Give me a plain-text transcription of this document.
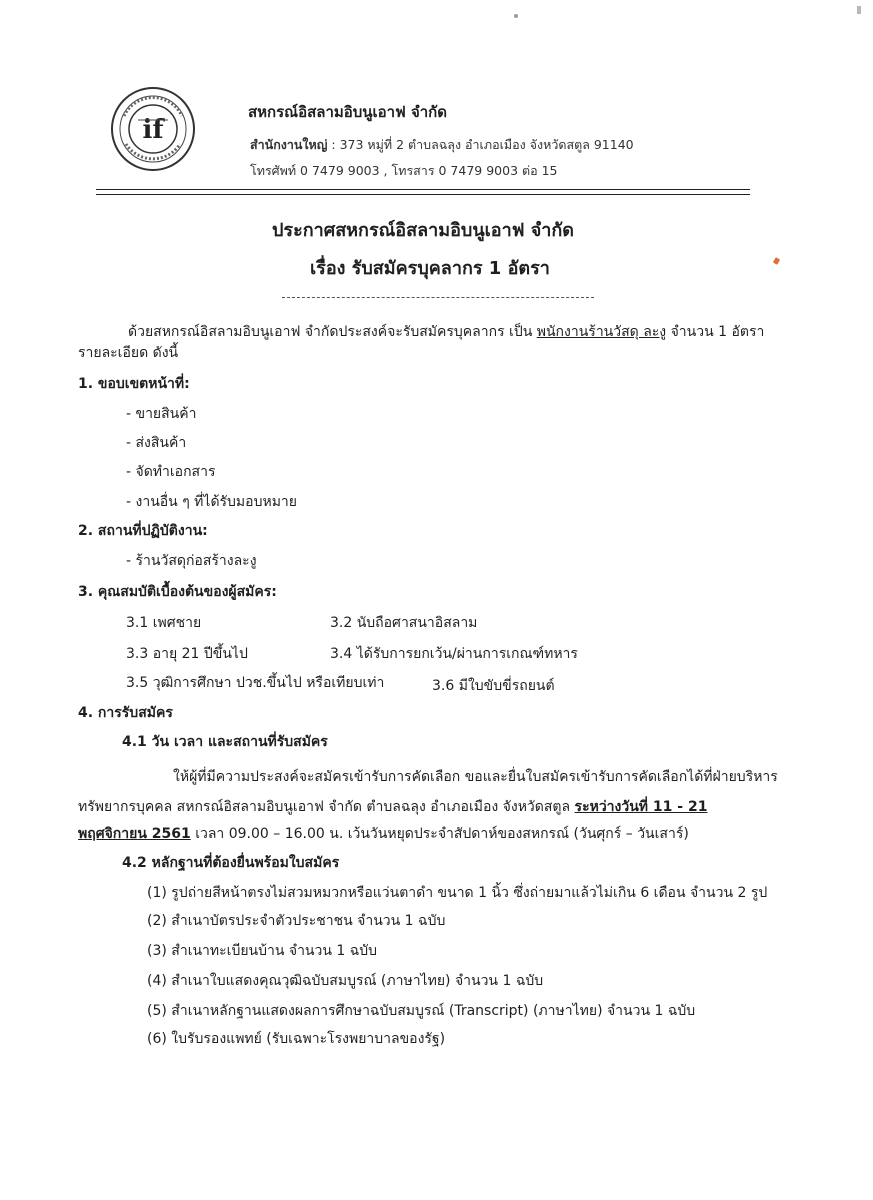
if
สหกรณ์อิสลามอิบนูเอาฟ จำกัด
สำนักงานใหญ่ : 373 หมู่ที่ 2 ตำบลฉลุง อำเภอเมือง จังหวัดสตูล 91140
โทรศัพท์ 0 7479 9003 , โทรสาร 0 7479 9003 ต่อ 15
ประกาศสหกรณ์อิสลามอิบนูเอาฟ จำกัด
เรื่อง รับสมัครบุคลากร 1 อัตรา
ด้วยสหกรณ์อิสลามอิบนูเอาฟ จำกัดประสงค์จะรับสมัครบุคลากร เป็น พนักงานร้านวัสดุ ละงู จำนวน 1 อัตรา
รายละเอียด ดังนี้
1. ขอบเขตหน้าที่:
- ขายสินค้า
- ส่งสินค้า
- จัดทำเอกสาร
- งานอื่น ๆ ที่ได้รับมอบหมาย
2. สถานที่ปฏิบัติงาน:
- ร้านวัสดุก่อสร้างละงู
3. คุณสมบัติเบื้องต้นของผู้สมัคร:
3.1 เพศชาย	3.2 นับถือศาสนาอิสลาม
3.3 อายุ 21 ปีขึ้นไป	3.4 ได้รับการยกเว้น/ผ่านการเกณฑ์ทหาร
3.5 วุฒิการศึกษา ปวช.ขึ้นไป หรือเทียบเท่า	3.6 มีใบขับขี่รถยนต์
4. การรับสมัคร
4.1 วัน เวลา และสถานที่รับสมัคร
ให้ผู้ที่มีความประสงค์จะสมัครเข้ารับการคัดเลือก ขอและยื่นใบสมัครเข้ารับการคัดเลือกได้ที่ฝ่ายบริหาร
ทรัพยากรบุคคล สหกรณ์อิสลามอิบนูเอาฟ จำกัด ตำบลฉลุง อำเภอเมือง จังหวัดสตูล ระหว่างวันที่ 11 - 21
พฤศจิกายน 2561 เวลา 09.00 – 16.00 น. เว้นวันหยุดประจำสัปดาห์ของสหกรณ์ (วันศุกร์ – วันเสาร์)
4.2 หลักฐานที่ต้องยื่นพร้อมใบสมัคร
(1) รูปถ่ายสีหน้าตรงไม่สวมหมวกหรือแว่นตาดำ ขนาด 1 นิ้ว ซึ่งถ่ายมาแล้วไม่เกิน 6 เดือน จำนวน 2 รูป
(2) สำเนาบัตรประจำตัวประชาชน จำนวน 1 ฉบับ
(3) สำเนาทะเบียนบ้าน จำนวน 1 ฉบับ
(4) สำเนาใบแสดงคุณวุฒิฉบับสมบูรณ์ (ภาษาไทย) จำนวน 1 ฉบับ
(5) สำเนาหลักฐานแสดงผลการศึกษาฉบับสมบูรณ์ (Transcript) (ภาษาไทย) จำนวน 1 ฉบับ
(6) ใบรับรองแพทย์ (รับเฉพาะโรงพยาบาลของรัฐ)
